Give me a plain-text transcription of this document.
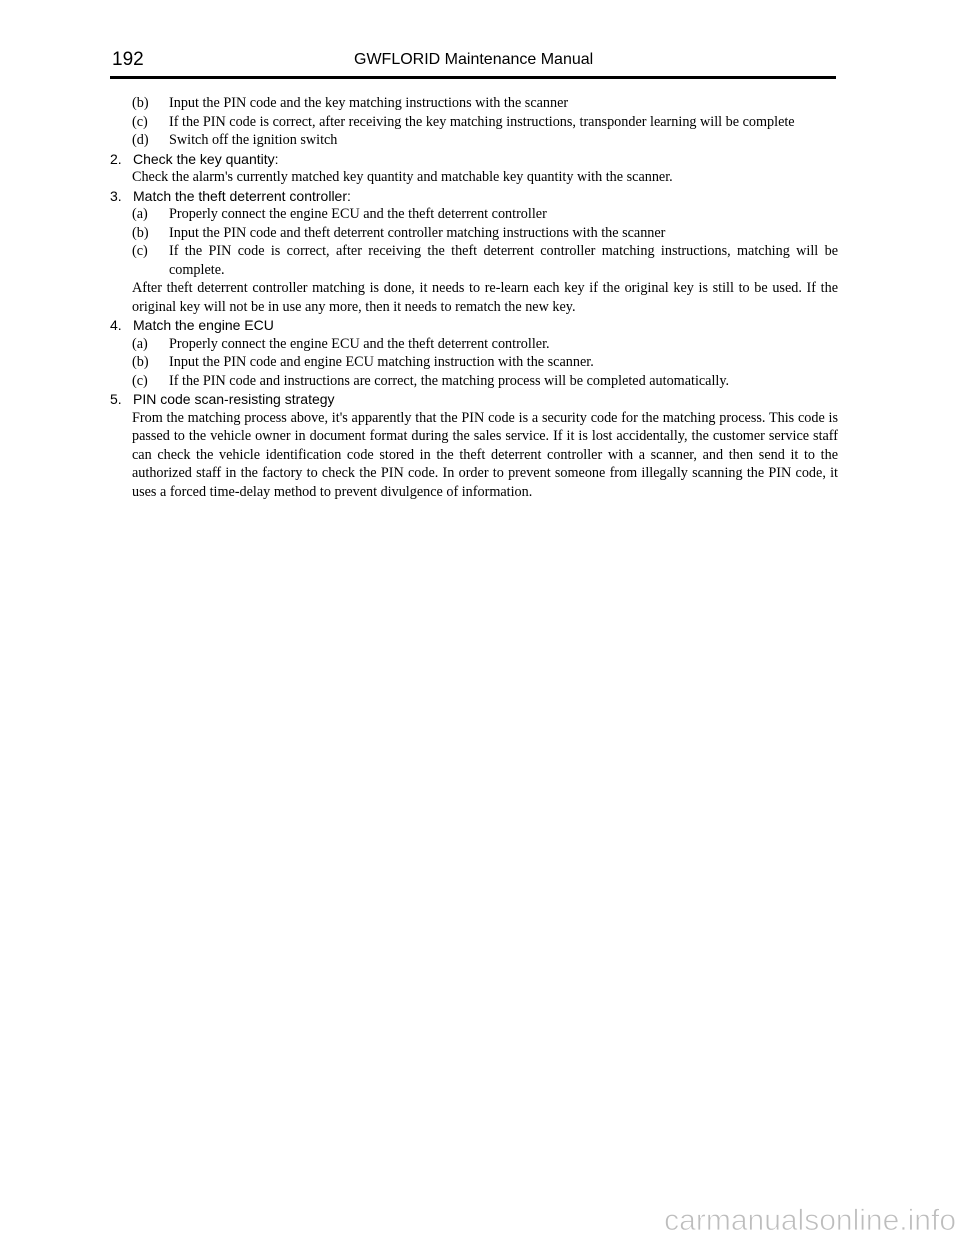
192	GWFLORID Maintenance Manual
(b) Input the PIN code and the key matching instructions with the scanner
(c) If the PIN code is correct, after receiving the key matching instructions, transponder learning will be complete
(d) Switch off the ignition switch
2. Check the key quantity:
Check the alarm's currently matched key quantity and matchable key quantity with the scanner.
3. Match the theft deterrent controller:
(a) Properly connect the engine ECU and the theft deterrent controller
(b) Input the PIN code and theft deterrent controller matching instructions with the scanner
(c) If the PIN code is correct, after receiving the theft deterrent controller matching instructions, matching will be complete.
After theft deterrent controller matching is done, it needs to re-learn each key if the original key is still to be used. If the original key will not be in use any more, then it needs to rematch the new key.
4. Match the engine ECU
(a) Properly connect the engine ECU and the theft deterrent controller.
(b) Input the PIN code and engine ECU matching instruction with the scanner.
(c) If the PIN code and instructions are correct, the matching process will be completed automatically.
5. PIN code scan-resisting strategy
From the matching process above, it's apparently that the PIN code is a security code for the matching process. This code is passed to the vehicle owner in document format during the sales service. If it is lost accidentally, the customer service staff can check the vehicle identification code stored in the theft deterrent controller with a scanner, and then send it to the authorized staff in the factory to check the PIN code. In order to prevent someone from illegally scanning the PIN code, it uses a forced time-delay method to prevent divulgence of information.
carmanualsonline.info
